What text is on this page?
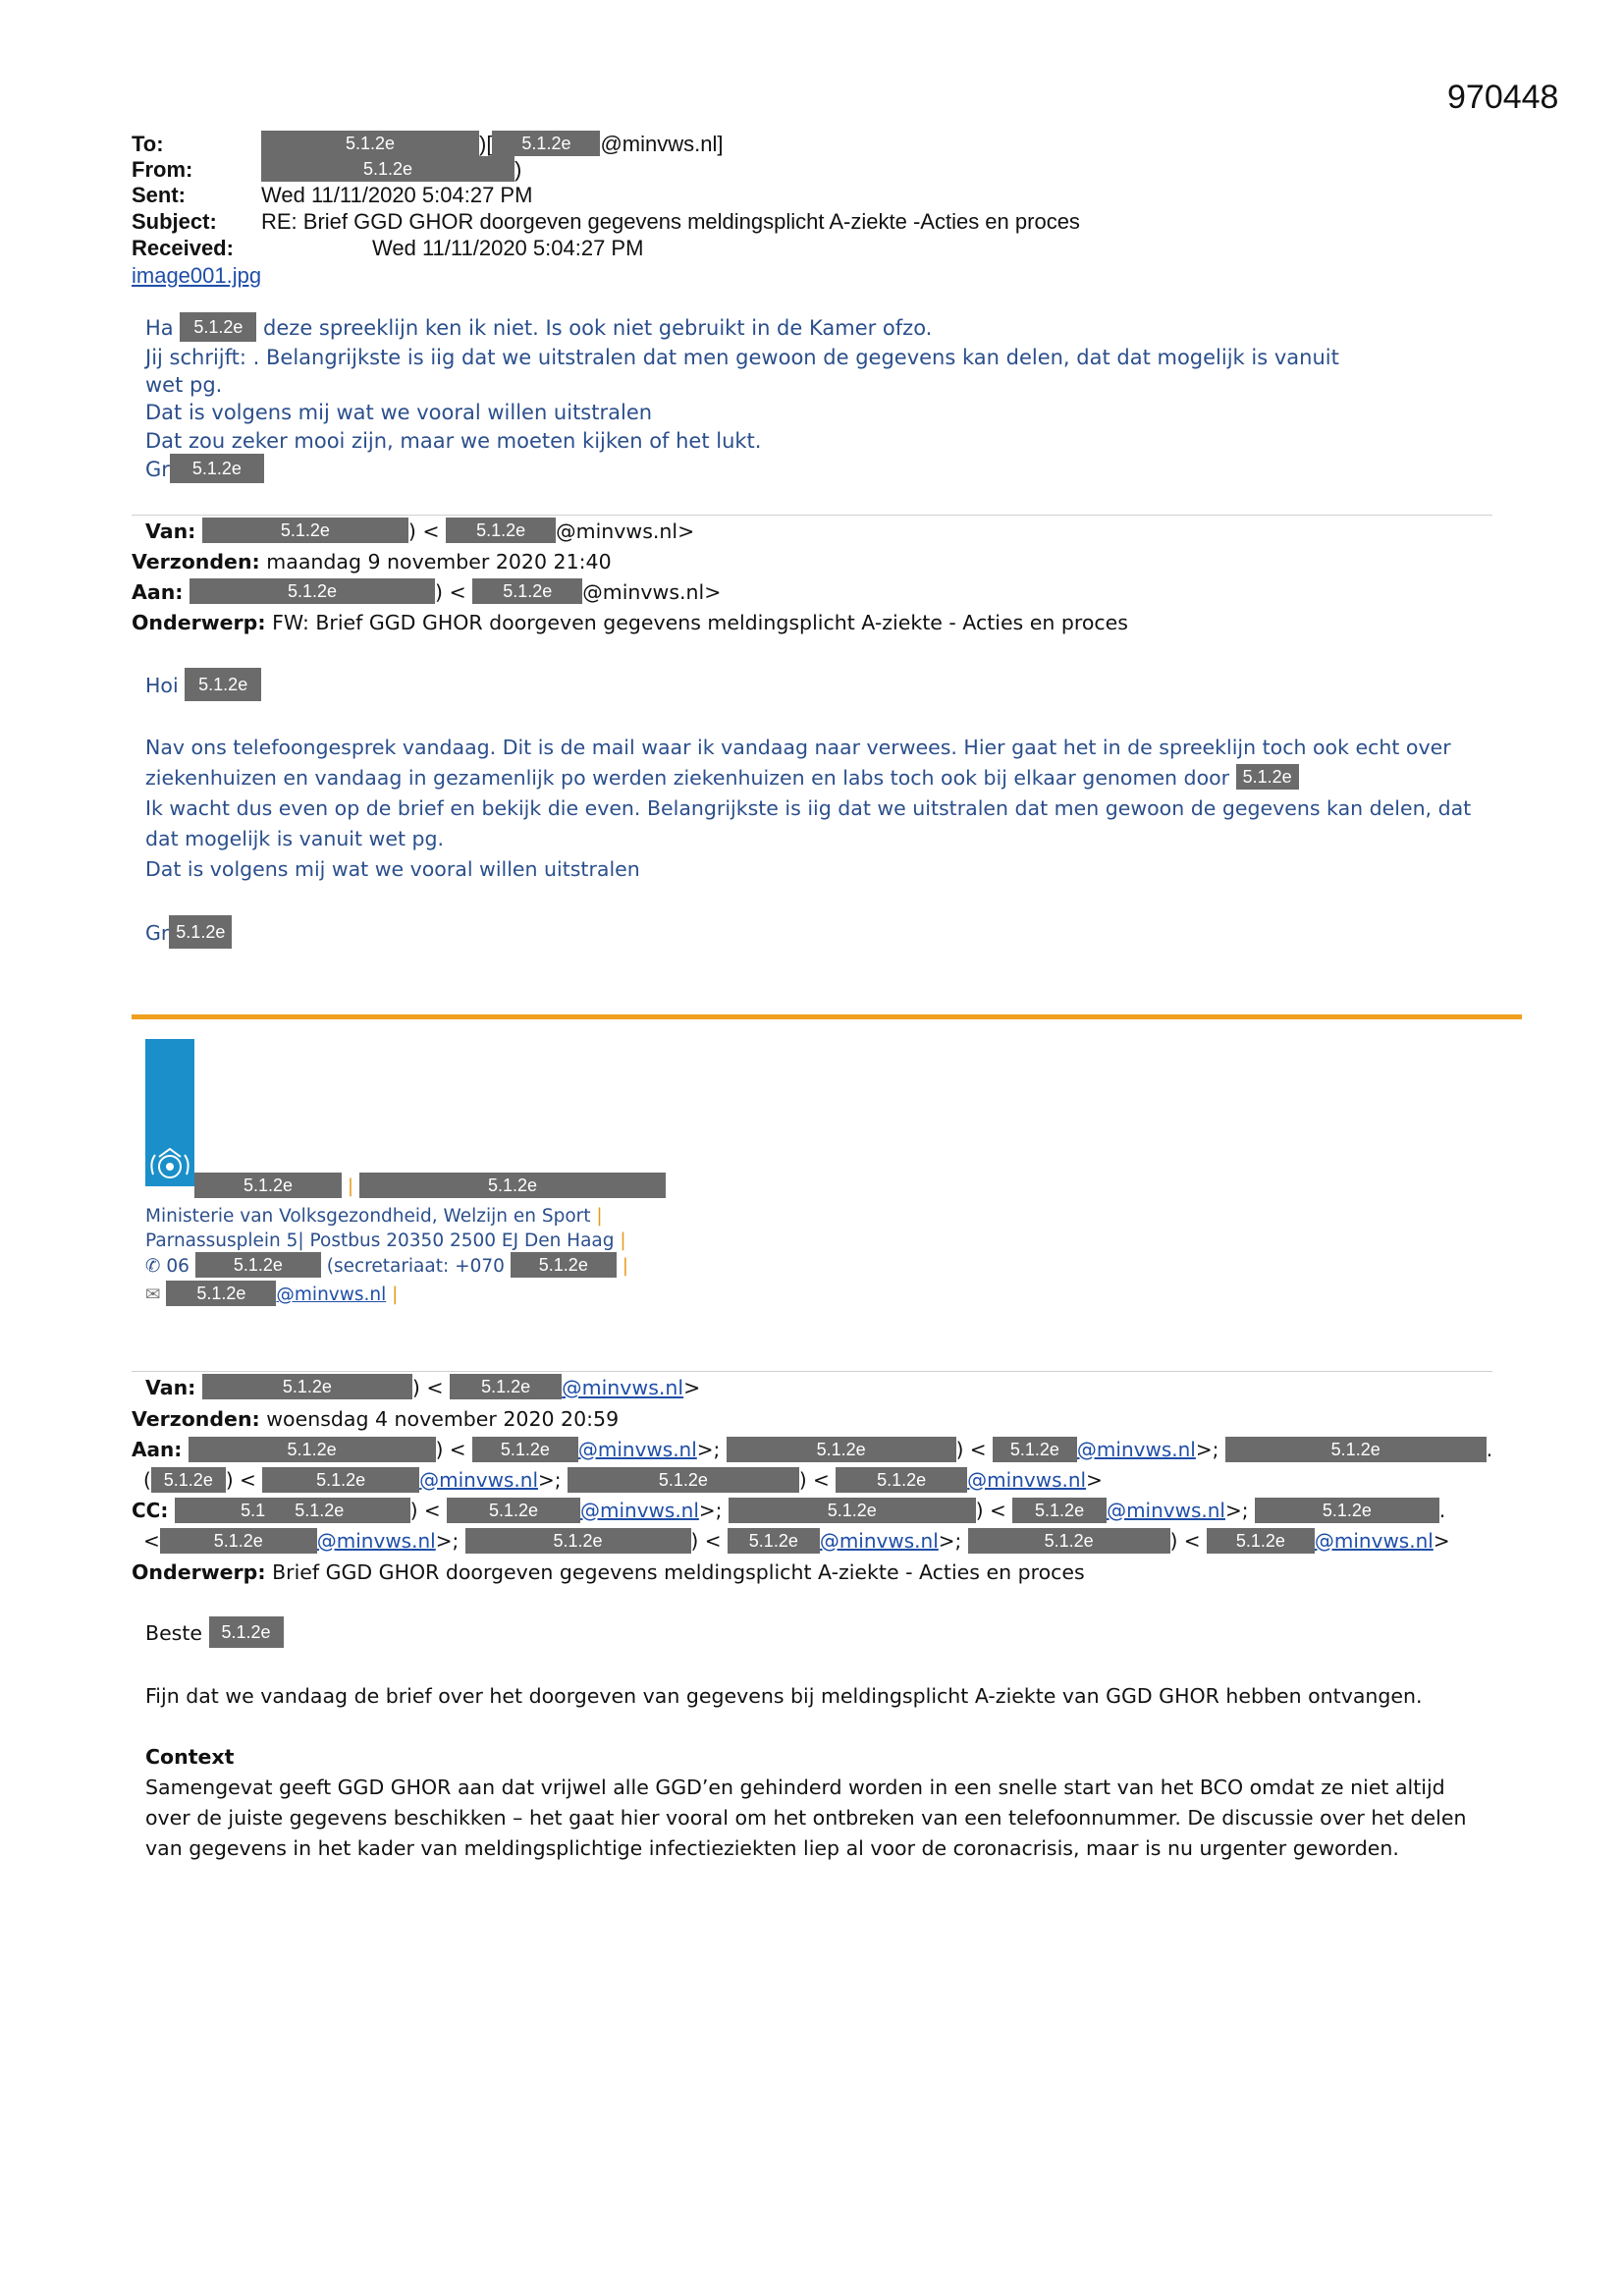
970448
To:	5.1.2e	)[ 5.1.2e @minvws.nl]
From:	5.1.2e	)
Sent:	Wed 11/11/2020 5:04:27 PM
Subject: RE: Brief GGD GHOR doorgeven gegevens meldingsplicht A-ziekte -Acties en proces
Received:	Wed 11/11/2020 5:04:27 PM
image001.jpg
Ha 5.1.2e deze spreeklijn ken ik niet. Is ook niet gebruikt in de Kamer ofzo.
Jij schrijft: . Belangrijkste is iig dat we uitstralen dat men gewoon de gegevens kan delen, dat dat mogelijk is vanuit
wet pg.
Dat is volgens mij wat we vooral willen uitstralen
Dat zou zeker mooi zijn, maar we moeten kijken of het lukt.
Gr 5.1.2e
Van:	5.1.2e	) < 5.1.2e @minvws.nl>
Verzonden: maandag 9 november 2020 21:40
Aan:	5.1.2e	) < 5.1.2e @minvws.nl>
Onderwerp: FW: Brief GGD GHOR doorgeven gegevens meldingsplicht A-ziekte - Acties en proces
Hoi 5.1.2e
Nav ons telefoongesprek vandaag. Dit is de mail waar ik vandaag naar verwees. Hier gaat het in de spreeklijn toch ook echt over
ziekenhuizen en vandaag in gezamenlijk po werden ziekenhuizen en labs toch ook bij elkaar genomen door 5.1.2e
Ik wacht dus even op de brief en bekijk die even. Belangrijkste is iig dat we uitstralen dat men gewoon de gegevens kan delen, dat
dat mogelijk is vanuit wet pg.
Dat is volgens mij wat we vooral willen uitstralen
Gr 5.1.2e
5.1.2e	|	5.1.2e
Ministerie van Volksgezondheid, Welzijn en Sport |
Parnassusplein 5| Postbus 20350 2500 EJ Den Haag |
✆ 06 5.1.2e (secretariaat: +070 5.1.2e |
✉ 5.1.2e @minvws.nl |
Van:	5.1.2e	) < 5.1.2e @minvws.nl>
Verzonden: woensdag 4 november 2020 20:59
Aan:	5.1.2e	) < 5.1.2e @minvws.nl>;	5.1.2e	) < 5.1.2e @minvws.nl>;	5.1.2e	.
( 5.1.2e ) <	5.1.2e	@minvws.nl>;	5.1.2e	) <	5.1.2e @minvws.nl>
CC:	5.1      5.1.2e	) <	5.1.2e @minvws.nl>;	5.1.2e	) < 5.1.2e @minvws.nl>;	5.1.2e	.
<	5.1.2e	@minvws.nl>;	5.1.2e	) < 5.1.2e @minvws.nl>;	5.1.2e	) < 5.1.2e @minvws.nl>
Onderwerp: Brief GGD GHOR doorgeven gegevens meldingsplicht A-ziekte - Acties en proces
Beste 5.1.2e
Fijn dat we vandaag de brief over het doorgeven van gegevens bij meldingsplicht A-ziekte van GGD GHOR hebben ontvangen.
Context
Samengevat geeft GGD GHOR aan dat vrijwel alle GGD’en gehinderd worden in een snelle start van het BCO omdat ze niet altijd
over de juiste gegevens beschikken – het gaat hier vooral om het ontbreken van een telefoonnummer. De discussie over het delen
van gegevens in het kader van meldingsplichtige infectieziekten liep al voor de coronacrisis, maar is nu urgenter geworden.
